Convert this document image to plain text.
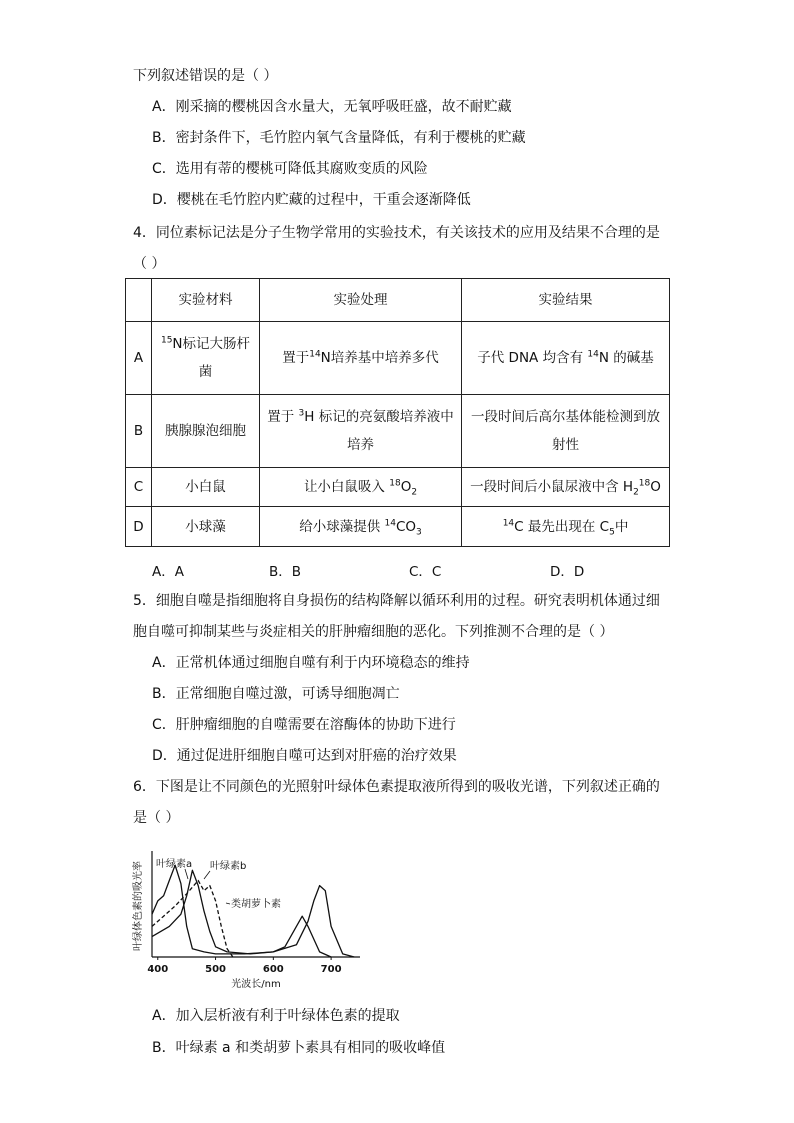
下列叙述错误的是（ ）
A．刚采摘的樱桃因含水量大，无氧呼吸旺盛，故不耐贮藏
B．密封条件下，毛竹腔内氧气含量降低，有利于樱桃的贮藏
C．选用有蒂的樱桃可降低其腐败变质的风险
D．樱桃在毛竹腔内贮藏的过程中，干重会逐渐降低
4．同位素标记法是分子生物学常用的实验技术，有关该技术的应用及结果不合理的是
（ ）
	实验材料	实验处理	实验结果
A	$^{15}$N标记大肠杆菌	置于$^{14}$N培养基中培养多代	子代 DNA 均含有 $^{14}$N 的碱基
B	胰腺腺泡细胞	置于 $^3$H 标记的亮氨酸培养液中培养	一段时间后高尔基体能检测到放射性
C	小白鼠	让小白鼠吸入 $^{18}O_2$	一段时间后小鼠尿液中含 $H_2^{18}O$
D	小球藻	给小球藻提供 $^{14}CO_3$	$^{14}$C 最先出现在 $C_5$中
A．A	B．B	C．C	D．D
5．细胞自噬是指细胞将自身损伤的结构降解以循环利用的过程。研究表明机体通过细
胞自噬可抑制某些与炎症相关的肝肿瘤细胞的恶化。下列推测不合理的是（ ）
A．正常机体通过细胞自噬有利于内环境稳态的维持
B．正常细胞自噬过激，可诱导细胞凋亡
C．肝肿瘤细胞的自噬需要在溶酶体的协助下进行
D．通过促进肝细胞自噬可达到对肝癌的治疗效果
6．下图是让不同颜色的光照射叶绿体色素提取液所得到的吸收光谱，下列叙述正确的
是（ ）
400	500	600	700
叶绿素a 叶绿素b
类胡萝卜素
叶绿体色素的吸光率
光波长/nm
A．加入层析液有利于叶绿体色素的提取
B．叶绿素 a 和类胡萝卜素具有相同的吸收峰值
